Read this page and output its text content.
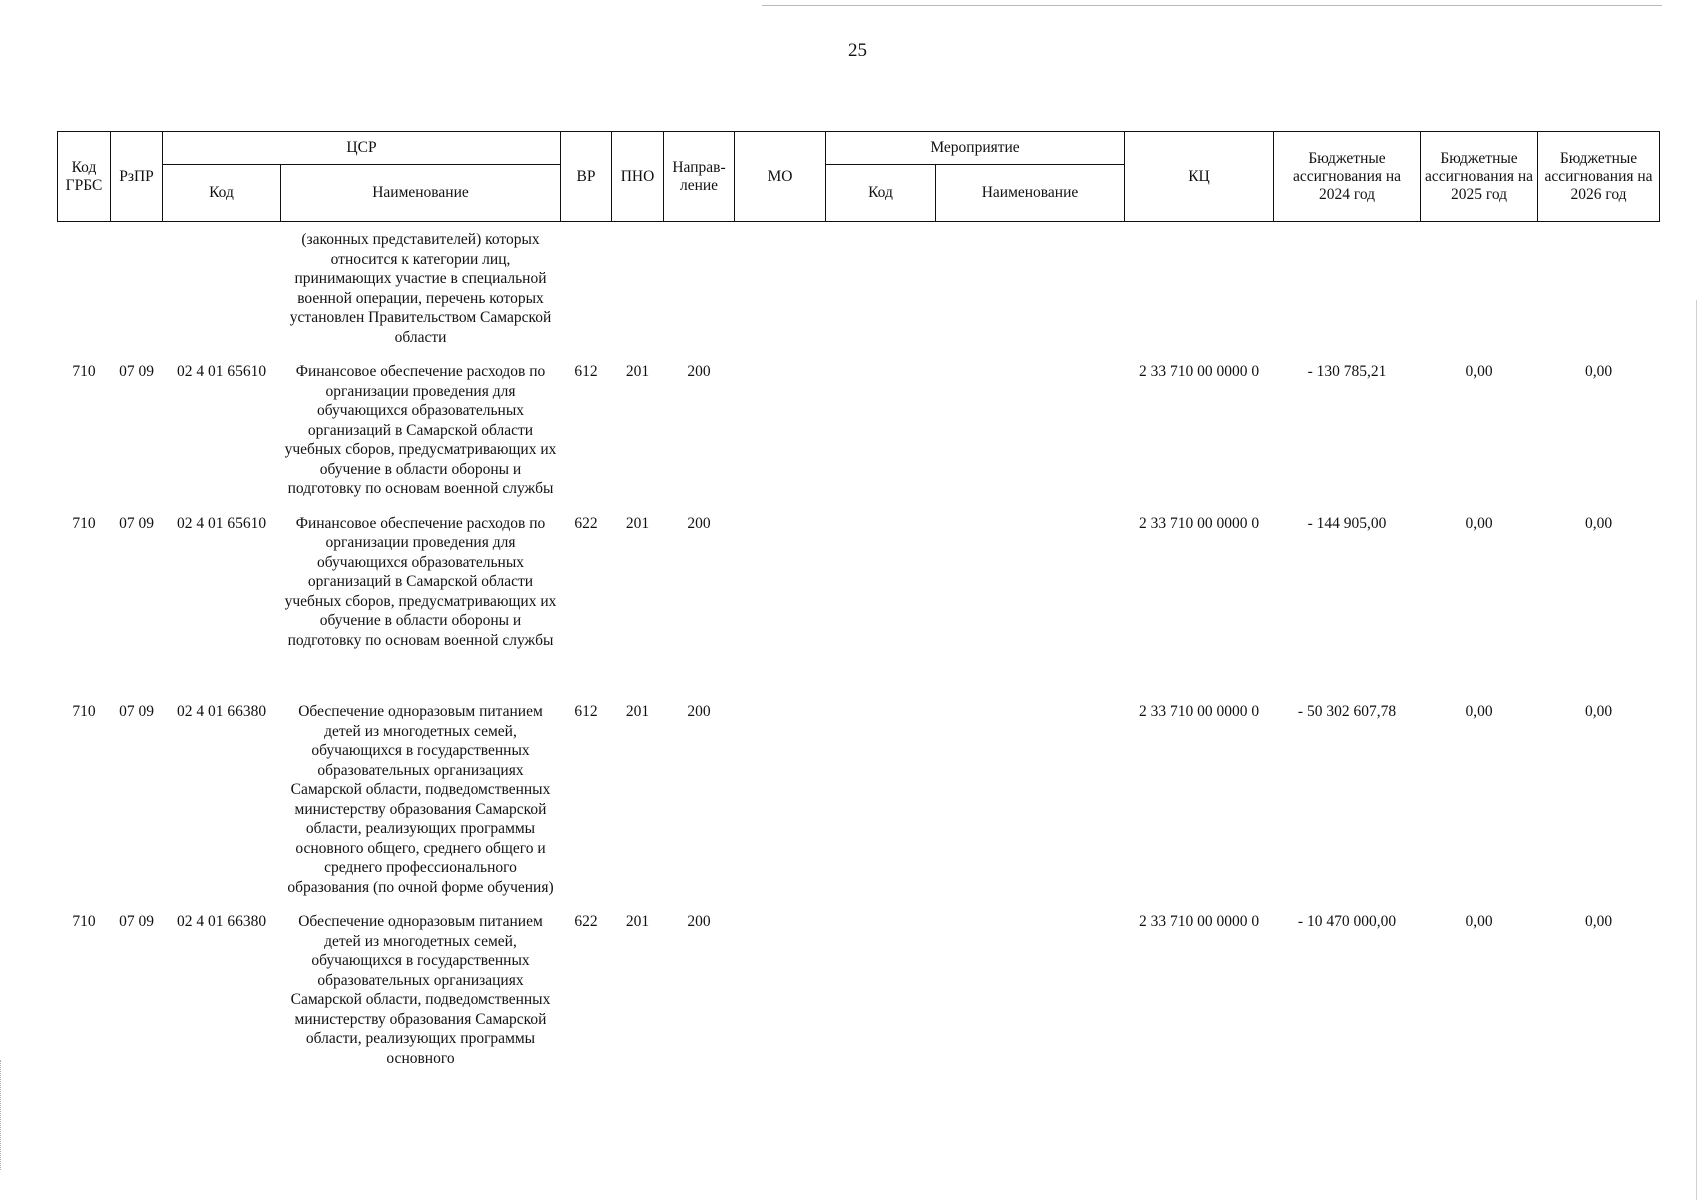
25
Код ГРБС	РзПР	ЦСР		ВР	ПНО	Направ-ление	МО	Мероприятие		КЦ	Бюджетные ассигнования на 2024 год	Бюджетные ассигнования на 2025 год	Бюджетные ассигнования на 2026 год
		Код	Наименование					Код	Наименование				
			(законных представителей) которых относится к категории лиц, принимающих участие в специальной военной операции, перечень которых установлен Правительством Самарской области										
710	07 09	02 4 01 65610	Финансовое обеспечение расходов по организации проведения для обучающихся образовательных организаций в Самарской области учебных сборов, предусматривающих их обучение в области обороны и подготовку по основам военной службы	612	201	200				2 33 710 00 0000 0	- 130 785,21	0,00	0,00
710	07 09	02 4 01 65610	Финансовое обеспечение расходов по организации проведения для обучающихся образовательных организаций в Самарской области учебных сборов, предусматривающих их обучение в области обороны и подготовку по основам военной службы	622	201	200				2 33 710 00 0000 0	- 144 905,00	0,00	0,00
710	07 09	02 4 01 66380	Обеспечение одноразовым питанием детей из многодетных семей, обучающихся в государственных образовательных организациях Самарской области, подведомственных министерству образования Самарской области, реализующих программы основного общего, среднего общего и среднего профессионального образования (по очной форме обучения)	612	201	200				2 33 710 00 0000 0	- 50 302 607,78	0,00	0,00
710	07 09	02 4 01 66380	Обеспечение одноразовым питанием детей из многодетных семей, обучающихся в государственных образовательных организациях Самарской области, подведомственных министерству образования Самарской области, реализующих программы основного	622	201	200				2 33 710 00 0000 0	- 10 470 000,00	0,00	0,00
